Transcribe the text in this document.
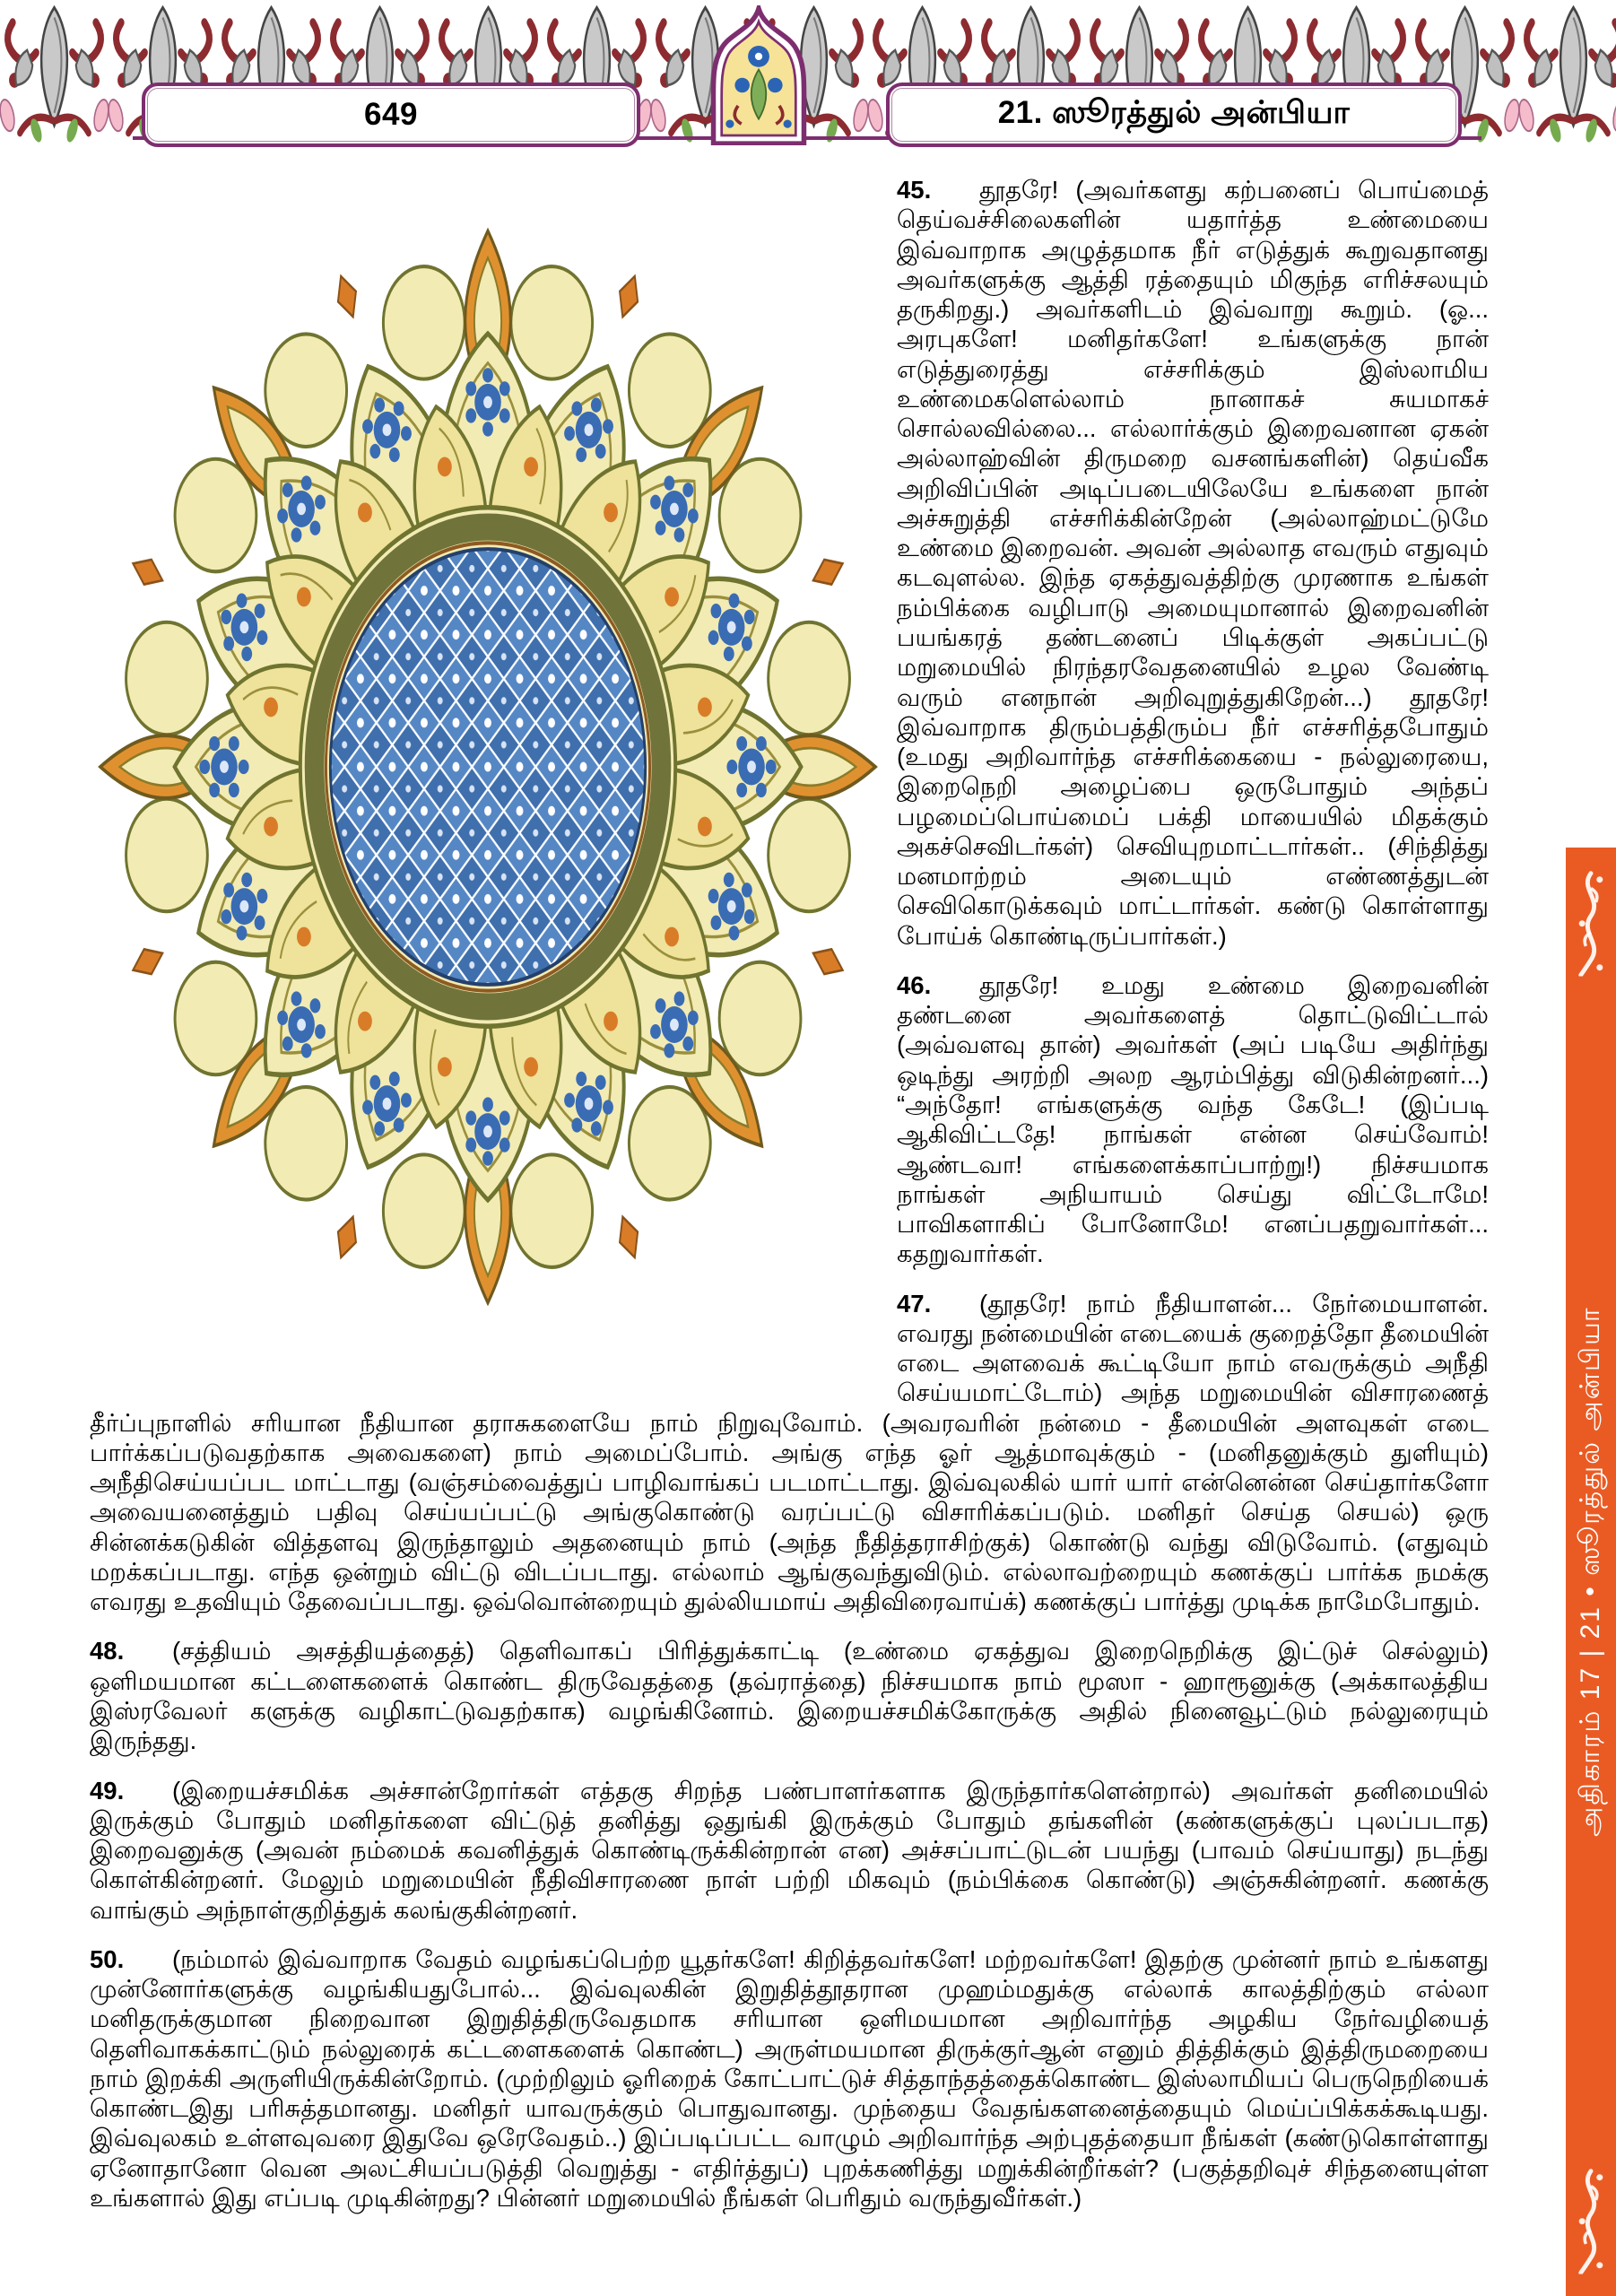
649	21. ஸூரத்துல் அன்பியா

45. தூதரே! (அவர்களது கற்பனைப் பொய்மைத் தெய்வச்சிலைகளின் யதார்த்த உண்மையை இவ்வாறாக அழுத்தமாக நீர் எடுத்துக் கூறுவதானது அவர்களுக்கு ஆத்தி ரத்தையும் மிகுந்த எரிச்சலயும் தருகிறது.) அவர்களிடம் இவ்வாறு கூறும். (ஓ... அரபுகளே! மனிதர்களே! உங்களுக்கு நான் எடுத்துரைத்து எச்சரிக்கும் இஸ்லாமிய உண்மைகளெல்லாம் நானாகச் சுயமாகச் சொல்லவில்லை... எல்லார்க்கும் இறைவனான ஏகன் அல்லாஹ்வின் திருமறை வசனங்களின்) தெய்வீக அறிவிப்பின் அடிப்படையிலேயே உங்களை நான் அச்சுறுத்தி எச்சரிக்கின்றேன் (அல்லாஹ்மட்டுமே உண்மை இறைவன். அவன் அல்லாத எவரும் எதுவும் கடவுளல்ல. இந்த ஏகத்துவத்திற்கு முரணாக உங்கள் நம்பிக்கை வழிபாடு அமையுமானால் இறைவனின் பயங்கரத் தண்டனைப் பிடிக்குள் அகப்பட்டு மறுமையில் நிரந்தரவேதனையில் உழல வேண்டி வரும் எனநான் அறிவுறுத்துகிறேன்...) தூதரே! இவ்வாறாக திரும்பத்திரும்ப நீர் எச்சரித்தபோதும் (உமது அறிவார்ந்த எச்சரிக்கையை - நல்லுரையை, இறைநெறி அழைப்பை ஒருபோதும் அந்தப் பழமைப்பொய்மைப் பக்தி மாயையில் மிதக்கும் அகச்செவிடர்கள்) செவியுறமாட்டார்கள்.. (சிந்தித்து மனமாற்றம் அடையும் எண்ணத்துடன் செவிகொடுக்கவும் மாட்டார்கள். கண்டு கொள்ளாது போய்க் கொண்டிருப்பார்கள்.)

46. தூதரே! உமது உண்மை இறைவனின் தண்டனை அவர்களைத் தொட்டுவிட்டால் (அவ்வளவு தான்) அவர்கள் (அப் படியே அதிர்ந்து ஒடிந்து அரற்றி அலற ஆரம்பித்து விடுகின்றனர்...) “அந்தோ! எங்களுக்கு வந்த கேடே! (இப்படி ஆகிவிட்டதே! நாங்கள் என்ன செய்வோம்! ஆண்டவா! எங்களைக்காப்பாற்று!) நிச்சயமாக நாங்கள் அநியாயம் செய்து விட்டோமே! பாவிகளாகிப் போனோமே! எனப்பதறுவார்கள்... கதறுவார்கள்.

47. (தூதரே! நாம் நீதியாளன்... நேர்மையாளன். எவரது நன்மையின் எடையைக் குறைத்தோ தீமையின் எடை அளவைக் கூட்டியோ நாம் எவருக்கும் அநீதி செய்யமாட்டோம்) அந்த மறுமையின் விசாரணைத் தீர்ப்புநாளில் சரியான நீதியான தராசுகளையே நாம் நிறுவுவோம். (அவரவரின் நன்மை - தீமையின் அளவுகள் எடை பார்க்கப்படுவதற்காக அவைகளை) நாம் அமைப்போம். அங்கு எந்த ஓர் ஆத்மாவுக்கும் - (மனிதனுக்கும் துளியும்) அநீதிசெய்யப்பட மாட்டாது (வஞ்சம்வைத்துப் பாழிவாங்கப் படமாட்டாது. இவ்வுலகில் யார் யார் என்னென்ன செய்தார்களோ அவையனைத்தும் பதிவு செய்யப்பட்டு அங்குகொண்டு வரப்பட்டு விசாரிக்கப்படும். மனிதர் செய்த செயல்) ஒரு சின்னக்கடுகின் வித்தளவு இருந்தாலும் அதனையும் நாம் (அந்த நீதித்தராசிற்குக்) கொண்டு வந்து விடுவோம். (எதுவும் மறக்கப்படாது. எந்த ஒன்றும் விட்டு விடப்படாது. எல்லாம் ஆங்குவந்துவிடும். எல்லாவற்றையும் கணக்குப் பார்க்க நமக்கு எவரது உதவியும் தேவைப்படாது. ஒவ்வொன்றையும் துல்லியமாய் அதிவிரைவாய்க்) கணக்குப் பார்த்து முடிக்க நாமேபோதும்.

48. (சத்தியம் அசத்தியத்தைத்) தெளிவாகப் பிரித்துக்காட்டி (உண்மை ஏகத்துவ இறைநெறிக்கு இட்டுச் செல்லும்) ஒளிமயமான கட்டளைகளைக் கொண்ட திருவேதத்தை (தவ்ராத்தை) நிச்சயமாக நாம் மூஸா - ஹாரூனுக்கு (அக்காலத்திய இஸ்ரவேலர் களுக்கு வழிகாட்டுவதற்காக) வழங்கினோம். இறையச்சமிக்கோருக்கு அதில் நினைவூட்டும் நல்லுரையும் இருந்தது.

49. (இறையச்சமிக்க அச்சான்றோர்கள் எத்தகு சிறந்த பண்பாளர்களாக இருந்தார்களென்றால்) அவர்கள் தனிமையில் இருக்கும் போதும் மனிதர்களை விட்டுத் தனித்து ஒதுங்கி இருக்கும் போதும் தங்களின் (கண்களுக்குப் புலப்படாத) இறைவனுக்கு (அவன் நம்மைக் கவனித்துக் கொண்டிருக்கின்றான் என) அச்சப்பாட்டுடன் பயந்து (பாவம் செய்யாது) நடந்து கொள்கின்றனர். மேலும் மறுமையின் நீதிவிசாரணை நாள் பற்றி மிகவும் (நம்பிக்கை கொண்டு) அஞ்சுகின்றனர். கணக்கு வாங்கும் அந்நாள்குறித்துக் கலங்குகின்றனர்.

50. (நம்மால் இவ்வாறாக வேதம் வழங்கப்பெற்ற யூதர்களே! கிறித்தவர்களே! மற்றவர்களே! இதற்கு முன்னர் நாம் உங்களது முன்னோர்களுக்கு வழங்கியதுபோல்... இவ்வுலகின் இறுதித்தூதரான முஹம்மதுக்கு எல்லாக் காலத்திற்கும் எல்லா மனிதருக்குமான நிறைவான இறுதித்திருவேதமாக சரியான ஒளிமயமான அறிவார்ந்த அழகிய நேர்வழியைத் தெளிவாகக்காட்டும் நல்லுரைக் கட்டளைகளைக் கொண்ட) அருள்மயமான திருக்குர்ஆன் எனும் தித்திக்கும் இத்திருமறையை நாம் இறக்கி அருளியிருக்கின்றோம். (முற்றிலும் ஓரிறைக் கோட்பாட்டுச் சித்தாந்தத்தைக்கொண்ட இஸ்லாமியப் பெருநெறியைக் கொண்டஇது பரிசுத்தமானது. மனிதர் யாவருக்கும் பொதுவானது. முந்தைய வேதங்களனைத்தையும் மெய்ப்பிக்கக்கூடியது. இவ்வுலகம் உள்ளவுவரை இதுவே ஒரேவேதம்..) இப்படிப்பட்ட வாழும் அறிவார்ந்த அற்புதத்தையா நீங்கள் (கண்டுகொள்ளாது ஏனோதானோ வென அலட்சியப்படுத்தி வெறுத்து - எதிர்த்துப்) புறக்கணித்து மறுக்கின்றீர்கள்? (பகுத்தறிவுச் சிந்தனையுள்ள உங்களால் இது எப்படி முடிகின்றது? பின்னர் மறுமையில் நீங்கள் பெரிதும் வருந்துவீர்கள்.)

அதிகாரம் 17 | 21 • ஸூரத்துல் அன்பியா
